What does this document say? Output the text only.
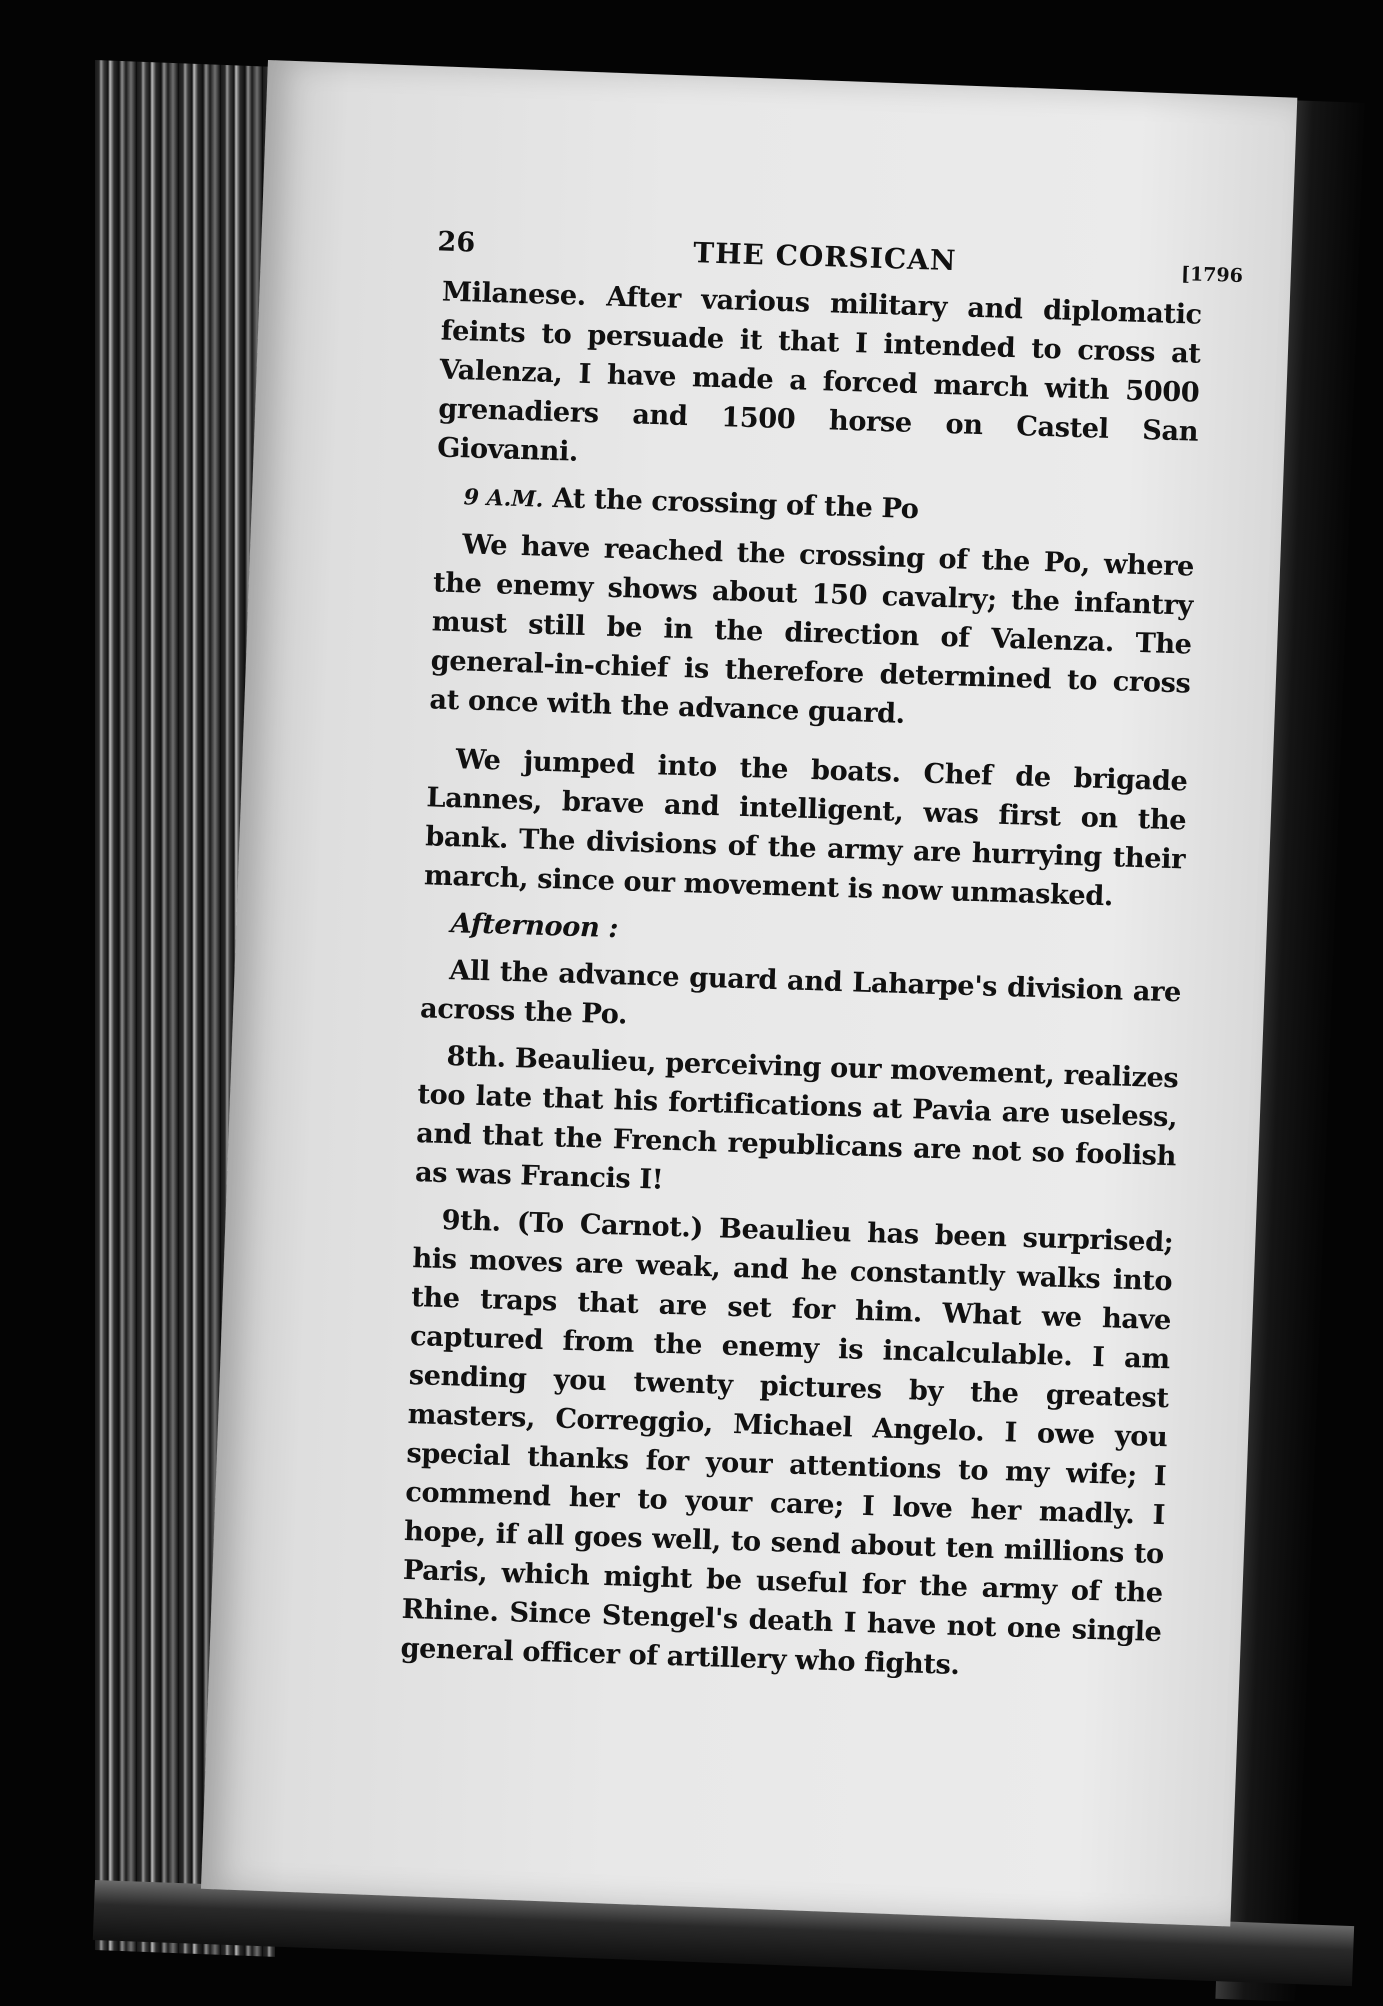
26	THE CORSICAN	[1796

Milanese. After various military and diplomatic feints to persuade it that I intended to cross at Valenza, I have made a forced march with 5000 grenadiers and 1500 horse on Castel San Giovanni.

9 A.M. At the crossing of the Po

We have reached the crossing of the Po, where the enemy shows about 150 cavalry; the infantry must still be in the direction of Valenza. The general-in-chief is therefore determined to cross at once with the advance guard.

We jumped into the boats. Chef de brigade Lannes, brave and intelligent, was first on the bank. The divisions of the army are hurrying their march, since our movement is now unmasked.

Afternoon :

All the advance guard and Laharpe's division are across the Po.

8th. Beaulieu, perceiving our movement, realizes too late that his fortifications at Pavia are useless, and that the French republicans are not so foolish as was Francis I!

9th. (To Carnot.) Beaulieu has been surprised; his moves are weak, and he constantly walks into the traps that are set for him. What we have captured from the enemy is incalculable. I am sending you twenty pictures by the greatest masters, Correggio, Michael Angelo. I owe you special thanks for your attentions to my wife; I commend her to your care; I love her madly. I hope, if all goes well, to send about ten millions to Paris, which might be useful for the army of the Rhine. Since Stengel's death I have not one single general officer of artillery who fights.
